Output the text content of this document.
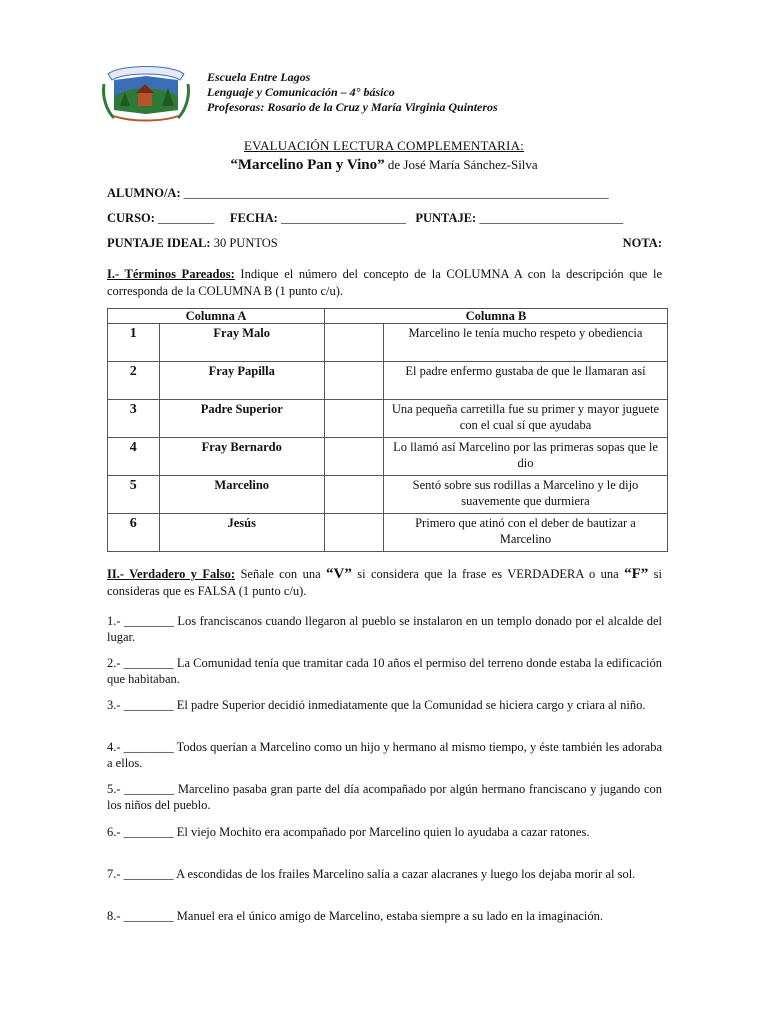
Escuela Entre Lagos
Lenguaje y Comunicación – 4° básico
Profesoras: Rosario de la Cruz y María Virginia Quinteros
EVALUACIÓN LECTURA COMPLEMENTARIA:
“Marcelino Pan y Vino” de José María Sánchez-Silva
ALUMNO/A: ____________________________________________________________________
CURSO: _________ FECHA: ____________________ PUNTAJE: _______________________
PUNTAJE IDEAL: 30 PUNTOS	NOTA:
I.- Términos Pareados: Indique el número del concepto de la COLUMNA A con la descripción que le corresponda de la COLUMNA B (1 punto c/u).
Columna A		Columna B	
1	Fray Malo		Marcelino le tenía mucho respeto y obediencia
2	Fray Papilla		El padre enfermo gustaba de que le llamaran así
3	Padre Superior		Una pequeña carretilla fue su primer y mayor juguete con el cual sí que ayudaba
4	Fray Bernardo		Lo llamó así Marcelino por las primeras sopas que le dio
5	Marcelino		Sentó sobre sus rodillas a Marcelino y le dijo suavemente que durmiera
6	Jesús		Primero que atinó con el deber de bautizar a Marcelino
II.- Verdadero y Falso: Señale con una “V” si considera que la frase es VERDADERA o una “F” si consideras que es FALSA (1 punto c/u).
1.- ________ Los franciscanos cuando llegaron al pueblo se instalaron en un templo donado por el alcalde del lugar.
2.- ________ La Comunidad tenía que tramitar cada 10 años el permiso del terreno donde estaba la edificación que habitaban.
3.- ________ El padre Superior decidió inmediatamente que la Comunidad se hiciera cargo y criara al niño.
4.- ________ Todos querían a Marcelino como un hijo y hermano al mismo tiempo, y éste también les adoraba a ellos.
5.- ________ Marcelino pasaba gran parte del día acompañado por algún hermano franciscano y jugando con los niños del pueblo.
6.- ________ El viejo Mochito era acompañado por Marcelino quien lo ayudaba a cazar ratones.
7.- ________ A escondidas de los frailes Marcelino salía a cazar alacranes y luego los dejaba morir al sol.
8.- ________ Manuel era el único amigo de Marcelino, estaba siempre a su lado en la imaginación.
